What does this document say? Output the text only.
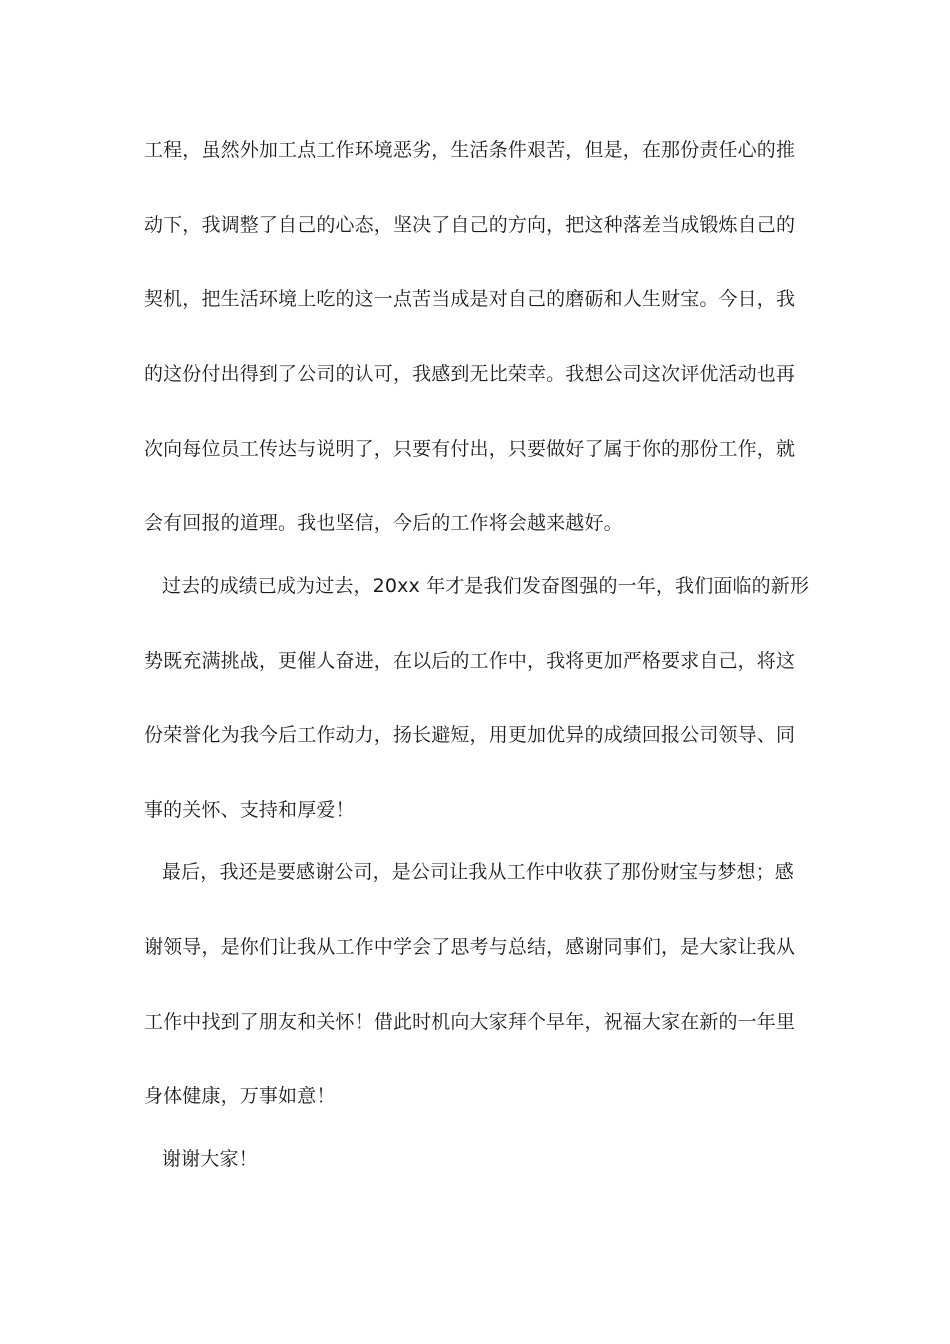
工程，虽然外加工点工作环境恶劣，生活条件艰苦，但是，在那份责任心的推
动下，我调整了自己的心态，坚决了自己的方向，把这种落差当成锻炼自己的
契机，把生活环境上吃的这一点苦当成是对自己的磨砺和人生财宝。今日，我
的这份付出得到了公司的认可，我感到无比荣幸。我想公司这次评优活动也再
次向每位员工传达与说明了，只要有付出，只要做好了属于你的那份工作，就
会有回报的道理。我也坚信，今后的工作将会越来越好。
过去的成绩已成为过去，20xx 年才是我们发奋图强的一年，我们面临的新形
势既充满挑战，更催人奋进，在以后的工作中，我将更加严格要求自己，将这
份荣誉化为我今后工作动力，扬长避短，用更加优异的成绩回报公司领导、同
事的关怀、支持和厚爱！
最后，我还是要感谢公司，是公司让我从工作中收获了那份财宝与梦想；感
谢领导，是你们让我从工作中学会了思考与总结，感谢同事们，是大家让我从
工作中找到了朋友和关怀！借此时机向大家拜个早年，祝福大家在新的一年里
身体健康，万事如意！
谢谢大家！
